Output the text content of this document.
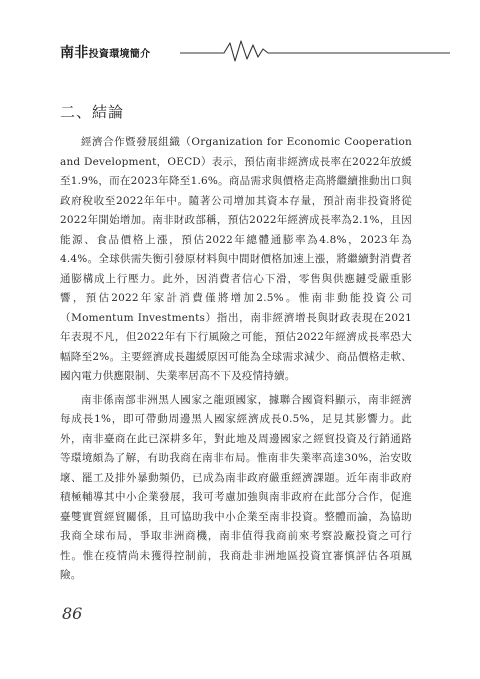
南非投資環境簡介
二、結論

經濟合作暨發展組織（Organization for Economic Cooperation and Development，OECD）表示，預估南非經濟成長率在2022年放緩至1.9%，而在2023年降至1.6%。商品需求與價格走高將繼續推動出口與政府稅收至2022年年中。隨著公司增加其資本存量，預計南非投資將從2022年開始增加。南非財政部稱，預估2022年經濟成長率為2.1%，且因能源、食品價格上漲，預估2022年總體通膨率為4.8%，2023年為4.4%。全球供需失衡引發原材料與中間財價格加速上漲，將繼續對消費者通膨構成上行壓力。此外，因消費者信心下滑，零售與供應鏈受嚴重影響，預估2022年家計消費僅將增加2.5%。惟南非動能投資公司（Momentum Investments）指出，南非經濟增長與財政表現在2021年表現不凡，但2022年有下行風險之可能，預估2022年經濟成長率恐大幅降至2%。主要經濟成長趨緩原因可能為全球需求減少、商品價格走軟、國內電力供應限制、失業率居高不下及疫情持續。

南非係南部非洲黑人國家之龍頭國家，據聯合國資料顯示，南非經濟每成長1%，即可帶動周邊黑人國家經濟成長0.5%，足見其影響力。此外，南非臺商在此已深耕多年，對此地及周邊國家之經貿投資及行銷通路等環境頗為了解，有助我商在南非布局。惟南非失業率高達30%，治安敗壞、罷工及排外暴動頻仍，已成為南非政府嚴重經濟課題。近年南非政府積極輔導其中小企業發展，我可考慮加強與南非政府在此部分合作，促進臺雙實質經貿關係，且可協助我中小企業至南非投資。整體而論，為協助我商全球布局，爭取非洲商機，南非值得我商前來考察設廠投資之可行性。惟在疫情尚未獲得控制前，我商赴非洲地區投資宜審慎評估各項風險。

86
